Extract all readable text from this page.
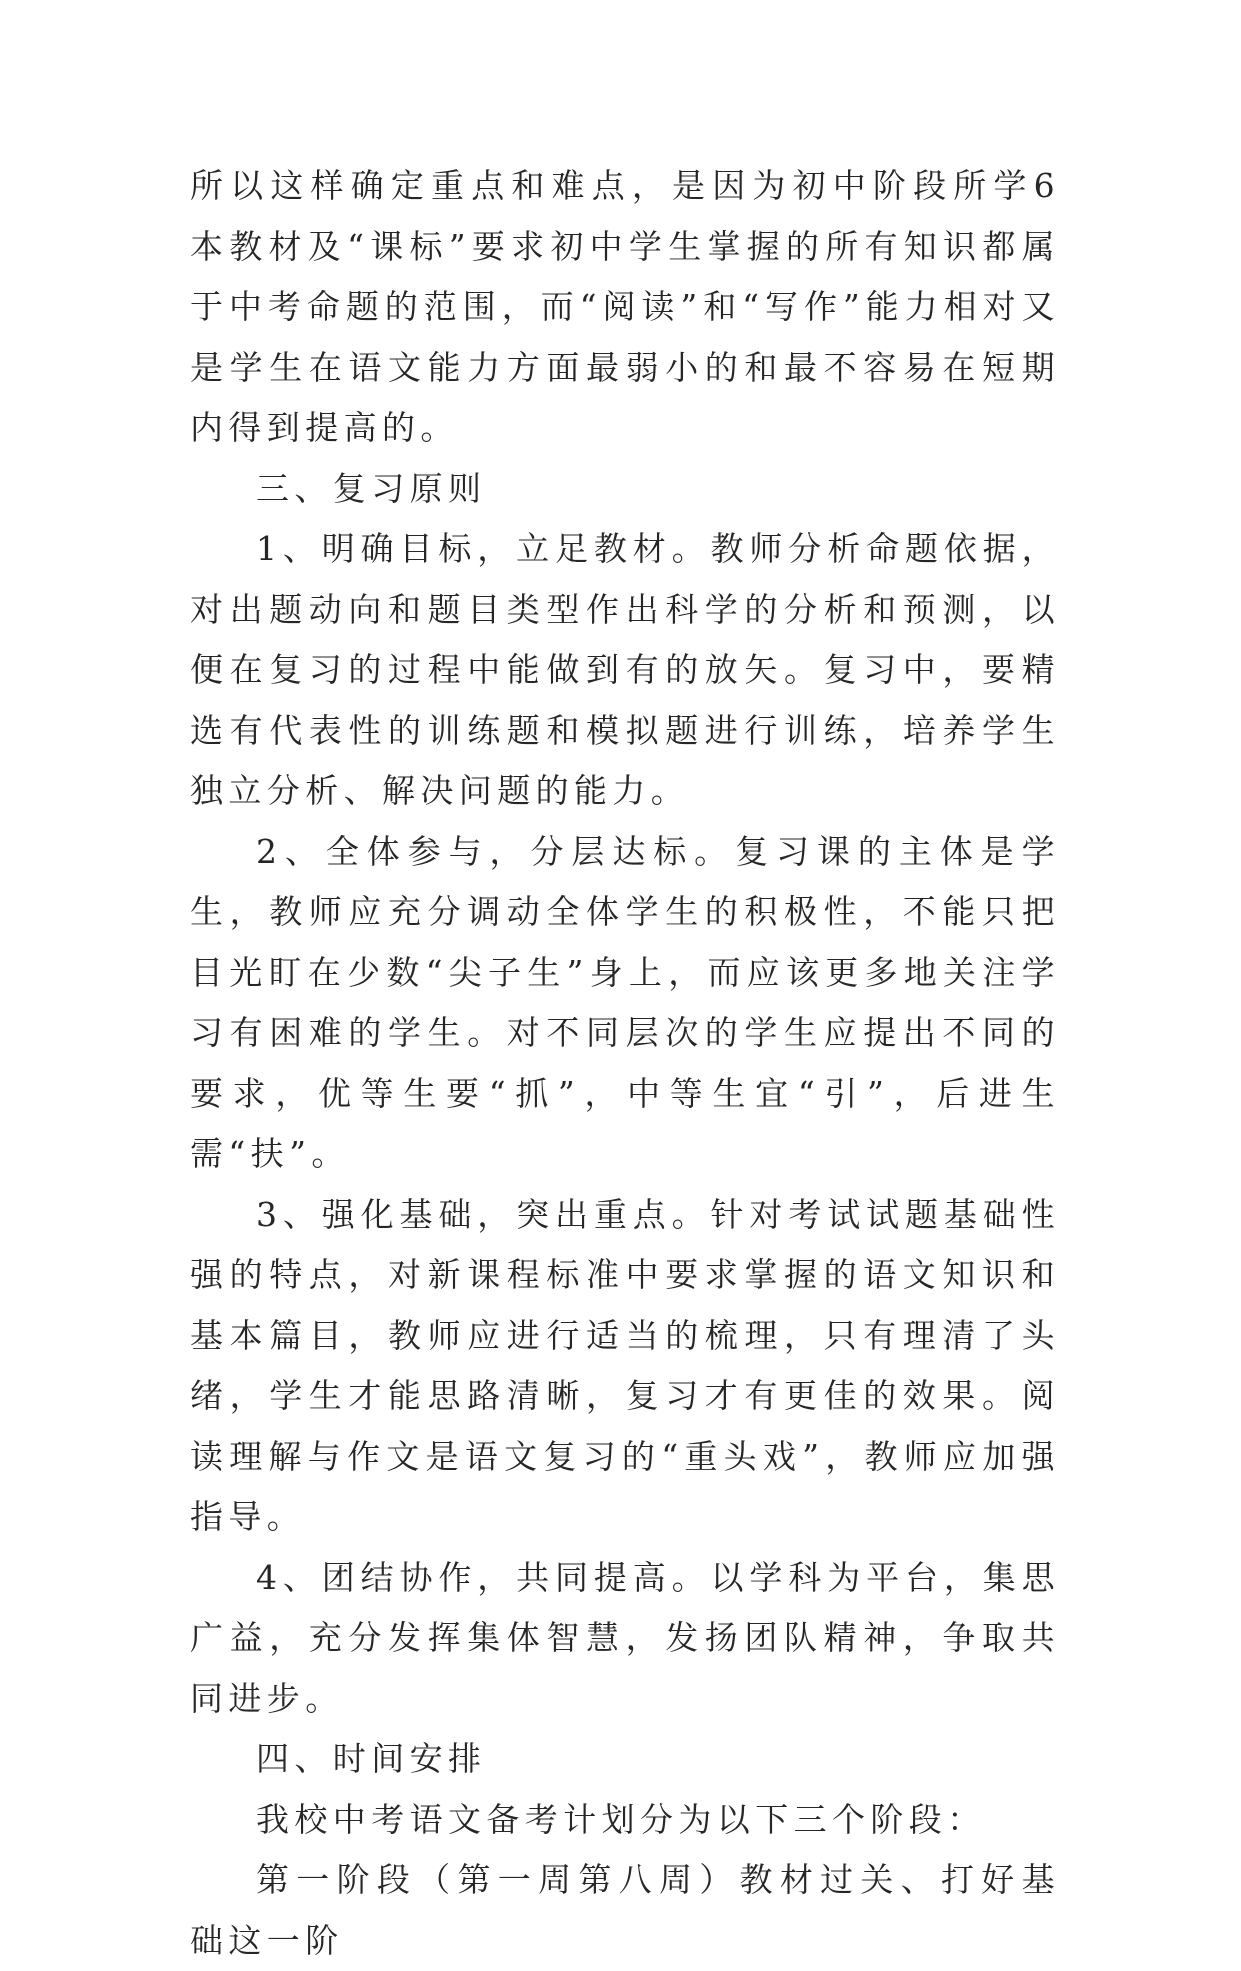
所以这样确定重点和难点，是因为初中阶段所学6本教材及“课标”要求初中学生掌握的所有知识都属于中考命题的范围，而“阅读”和“写作”能力相对又是学生在语文能力方面最弱小的和最不容易在短期内得到提高的。

三、复习原则

1、明确目标，立足教材。教师分析命题依据，对出题动向和题目类型作出科学的分析和预测，以便在复习的过程中能做到有的放矢。复习中，要精选有代表性的训练题和模拟题进行训练，培养学生独立分析、解决问题的能力。

2、全体参与，分层达标。复习课的主体是学生，教师应充分调动全体学生的积极性，不能只把目光盯在少数“尖子生”身上，而应该更多地关注学习有困难的学生。对不同层次的学生应提出不同的要求，优等生要“抓”，中等生宜“引”，后进生需“扶”。

3、强化基础，突出重点。针对考试试题基础性强的特点，对新课程标准中要求掌握的语文知识和基本篇目，教师应进行适当的梳理，只有理清了头绪，学生才能思路清晰，复习才有更佳的效果。阅读理解与作文是语文复习的“重头戏”，教师应加强指导。

4、团结协作，共同提高。以学科为平台，集思广益，充分发挥集体智慧，发扬团队精神，争取共同进步。

四、时间安排

我校中考语文备考计划分为以下三个阶段：

第一阶段（第一周第八周）教材过关、打好基础这一阶
